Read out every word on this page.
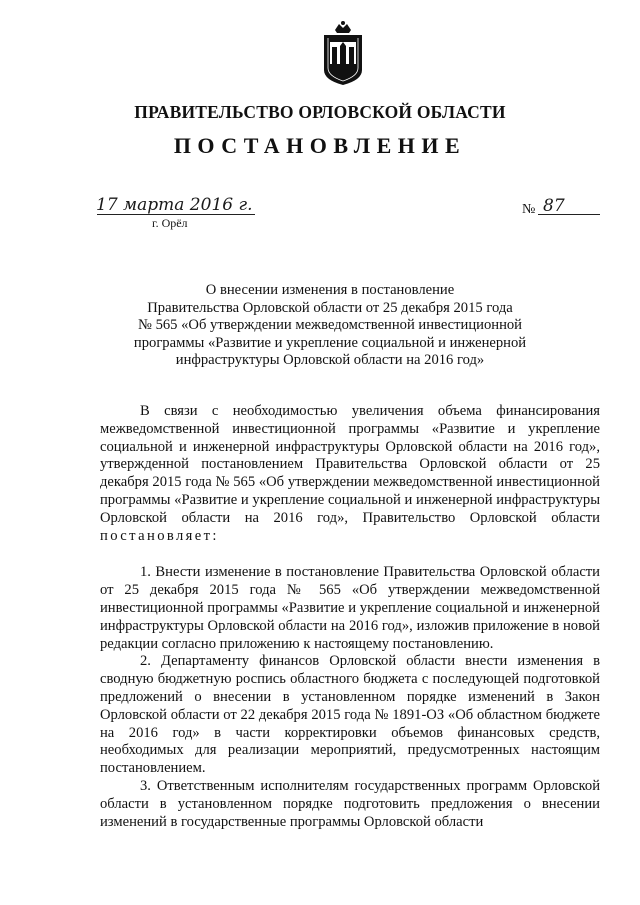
ПРАВИТЕЛЬСТВО ОРЛОВСКОЙ ОБЛАСТИ
ПОСТАНОВЛЕНИЕ
17 марта 2016 г.
г. Орёл
№ 87
О внесении изменения в постановление
Правительства Орловской области от 25 декабря 2015 года
№ 565 «Об утверждении межведомственной инвестиционной
программы «Развитие и укрепление социальной и инженерной
инфраструктуры Орловской области на 2016 год»

В связи с необходимостью увеличения объема финансирования межведомственной инвестиционной программы «Развитие и укрепление социальной и инженерной инфраструктуры Орловской области на 2016 год», утвержденной постановлением Правительства Орловской области от 25 декабря 2015 года № 565 «Об утверждении межведомственной инвестиционной программы «Развитие и укрепление социальной и инженерной инфраструктуры Орловской области на 2016 год», Правительство Орловской области постановляет:

1. Внести изменение в постановление Правительства Орловской области от 25 декабря 2015 года № 565 «Об утверждении межведомственной инвестиционной программы «Развитие и укрепление социальной и инженерной инфраструктуры Орловской области на 2016 год», изложив приложение в новой редакции согласно приложению к настоящему постановлению.

2. Департаменту финансов Орловской области внести изменения в сводную бюджетную роспись областного бюджета с последующей подготовкой предложений о внесении в установленном порядке изменений в Закон Орловской области от 22 декабря 2015 года № 1891-ОЗ «Об областном бюджете на 2016 год» в части корректировки объемов финансовых средств, необходимых для реализации мероприятий, предусмотренных настоящим постановлением.

3. Ответственным исполнителям государственных программ Орловской области в установленном порядке подготовить предложения о внесении изменений в государственные программы Орловской области
